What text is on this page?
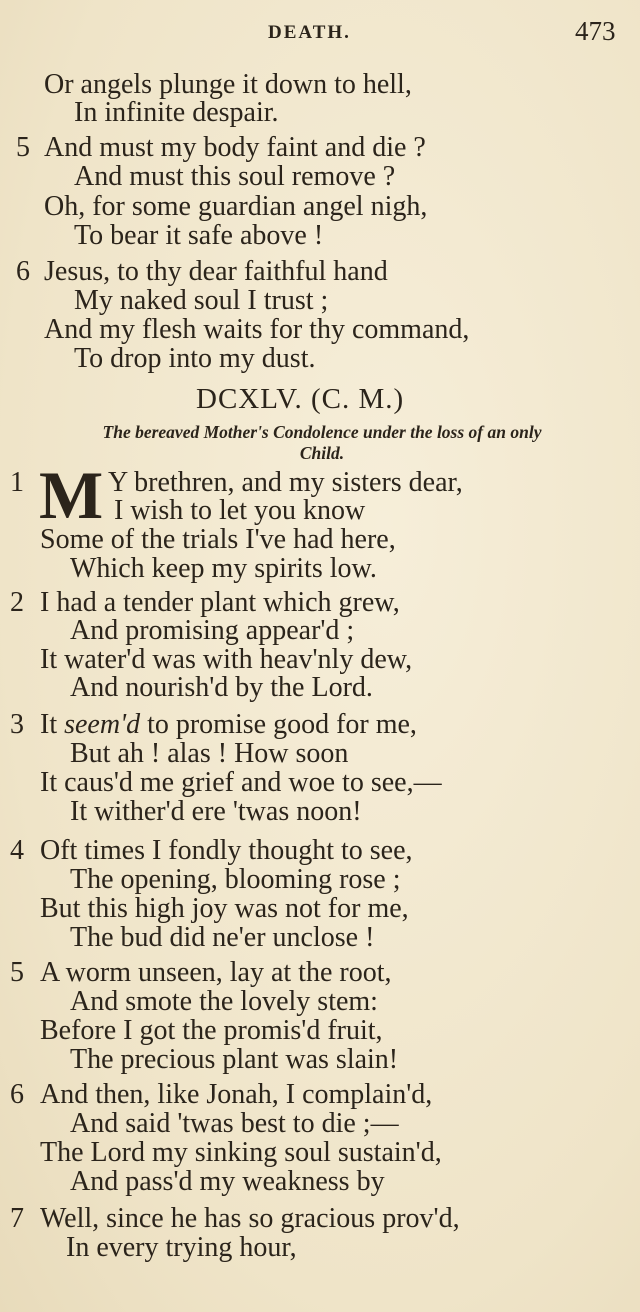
DEATH.	473
Or angels plunge it down to hell,
In infinite despair.
5 And must my body faint and die ?
And must this soul remove ?
Oh, for some guardian angel nigh,
To bear it safe above !
6 Jesus, to thy dear faithful hand
My naked soul I trust ;
And my flesh waits for thy command,
To drop into my dust.
DCXLV. (C. M.)
The bereaved Mother's Condolence under the loss of an only
Child.
1 M Y brethren, and my sisters dear,
I wish to let you know
Some of the trials I've had here,
Which keep my spirits low.
2 I had a tender plant which grew,
And promising appear'd ;
It water'd was with heav'nly dew,
And nourish'd by the Lord.
3 It seem'd to promise good for me,
But ah ! alas ! How soon
It caus'd me grief and woe to see,—
It wither'd ere 'twas noon!
4 Oft times I fondly thought to see,
The opening, blooming rose ;
But this high joy was not for me,
The bud did ne'er unclose !
5 A worm unseen, lay at the root,
And smote the lovely stem:
Before I got the promis'd fruit,
The precious plant was slain!
6 And then, like Jonah, I complain'd,
And said 'twas best to die ;—
The Lord my sinking soul sustain'd,
And pass'd my weakness by
7 Well, since he has so gracious prov'd,
In every trying hour,
